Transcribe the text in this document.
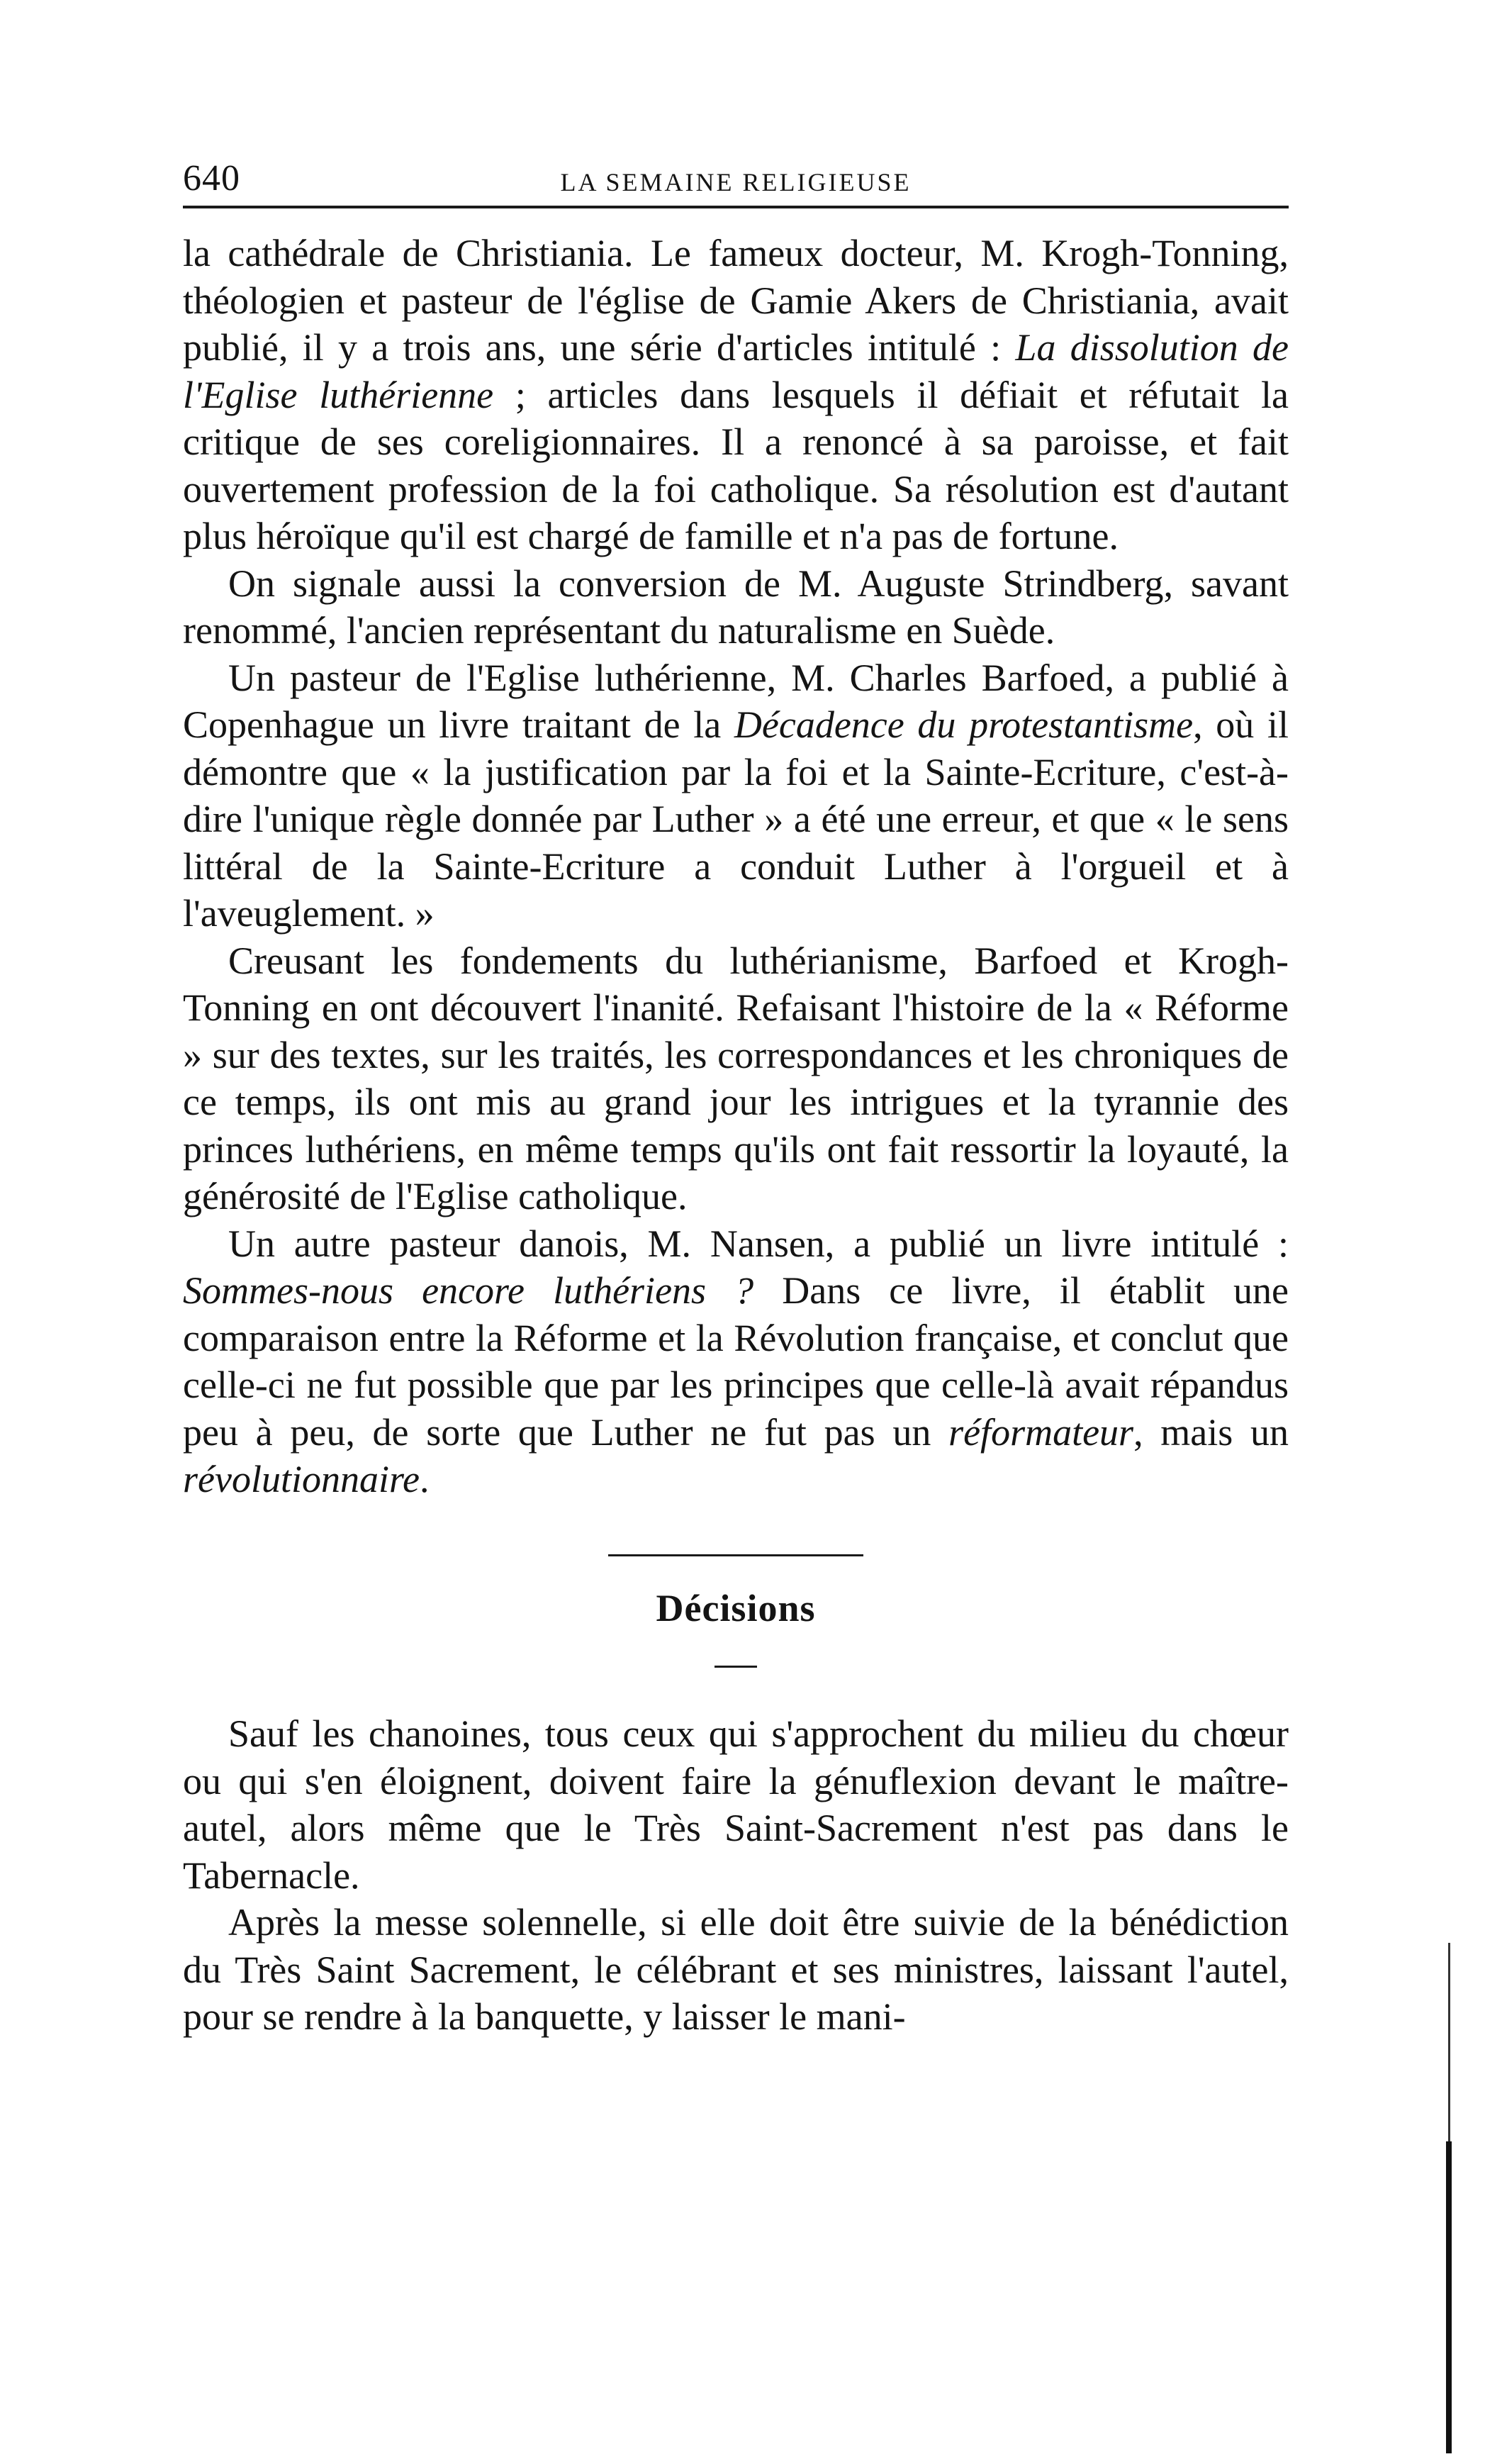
640	LA SEMAINE RELIGIEUSE

la cathédrale de Christiania. Le fameux docteur, M. Krogh-Tonning, théologien et pasteur de l'église de Gamie Akers de Christiania, avait publié, il y a trois ans, une série d'articles intitulé : La dissolution de l'Eglise luthérienne ; articles dans lesquels il défiait et réfutait la critique de ses coreligionnaires. Il a renoncé à sa paroisse, et fait ouvertement profession de la foi catholique. Sa résolution est d'autant plus héroïque qu'il est chargé de famille et n'a pas de fortune.

On signale aussi la conversion de M. Auguste Strindberg, savant renommé, l'ancien représentant du naturalisme en Suède.

Un pasteur de l'Eglise luthérienne, M. Charles Barfoed, a publié à Copenhague un livre traitant de la Décadence du protestantisme, où il démontre que « la justification par la foi et la Sainte-Ecriture, c'est-à-dire l'unique règle donnée par Luther » a été une erreur, et que « le sens littéral de la Sainte-Ecriture a conduit Luther à l'orgueil et à l'aveuglement. »

Creusant les fondements du luthérianisme, Barfoed et Krogh-Tonning en ont découvert l'inanité. Refaisant l'histoire de la « Réforme » sur des textes, sur les traités, les correspondances et les chroniques de ce temps, ils ont mis au grand jour les intrigues et la tyrannie des princes luthériens, en même temps qu'ils ont fait ressortir la loyauté, la générosité de l'Eglise catholique.

Un autre pasteur danois, M. Nansen, a publié un livre intitulé : Sommes-nous encore luthériens ? Dans ce livre, il établit une comparaison entre la Réforme et la Révolution française, et conclut que celle-ci ne fut possible que par les principes que celle-là avait répandus peu à peu, de sorte que Luther ne fut pas un réformateur, mais un révolutionnaire.

Décisions

Sauf les chanoines, tous ceux qui s'approchent du milieu du chœur ou qui s'en éloignent, doivent faire la génuflexion devant le maître-autel, alors même que le Très Saint-Sacrement n'est pas dans le Tabernacle.

Après la messe solennelle, si elle doit être suivie de la bénédiction du Très Saint Sacrement, le célébrant et ses ministres, laissant l'autel, pour se rendre à la banquette, y laisser le mani-
